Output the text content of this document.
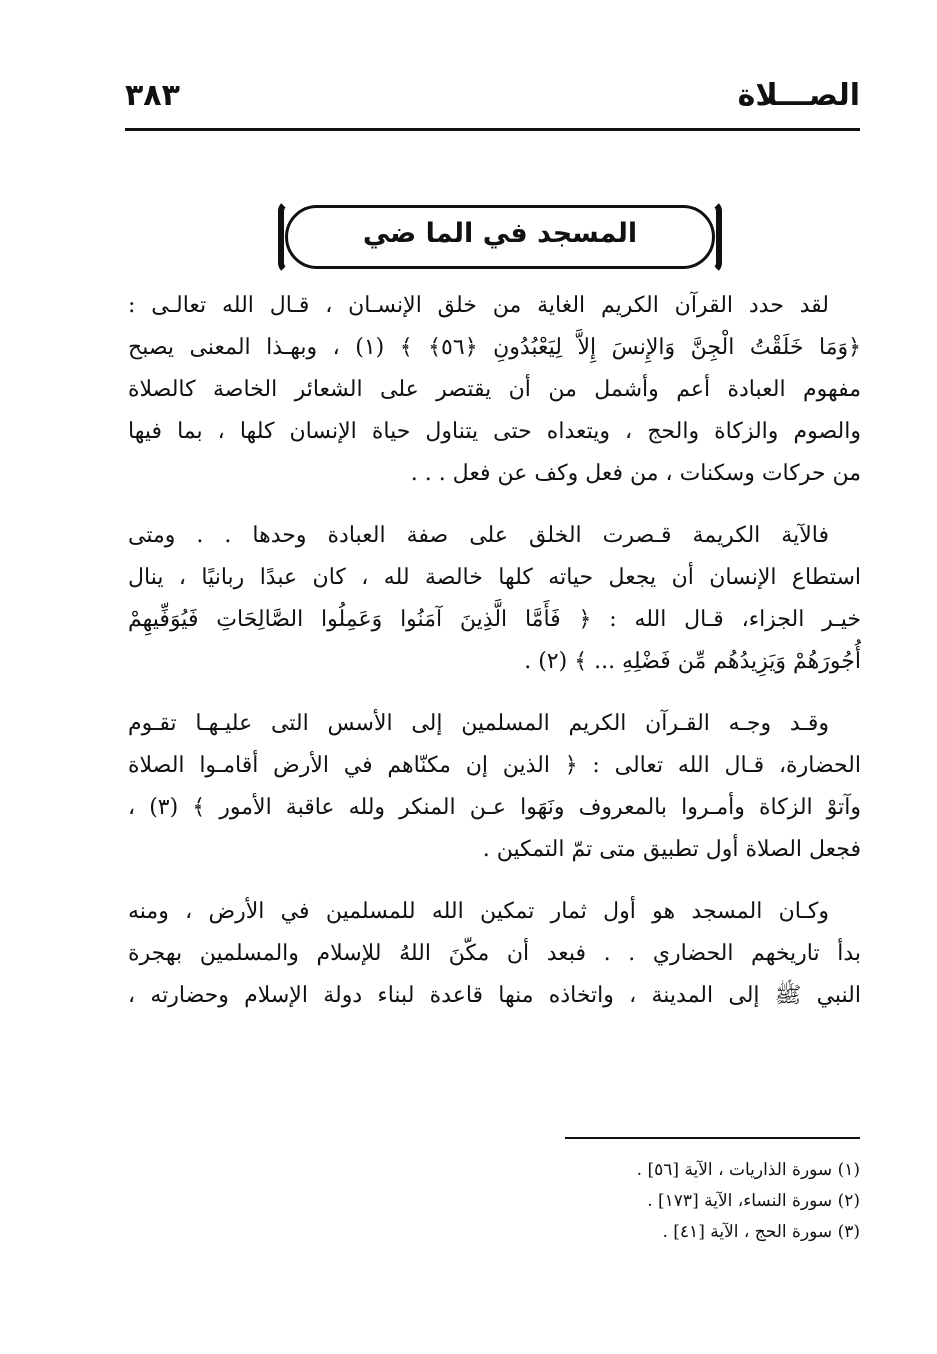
الصـــلاة
٣٨٣
المسجد في الما ضي

لقد حدد القرآن الكريم الغاية من خلق الإنسـان ، قـال الله تعالـى :
﴿وَمَا خَلَقْتُ الْجِنَّ وَالإِنسَ إِلاَّ لِيَعْبُدُونِ ﴿٥٦﴾ ﴾ (١) ، وبهـذا المعنى يصبح
مفهوم العبادة أعم وأشمل من أن يقتصر على الشعائر الخاصة كالصلاة
والصوم والزكاة والحج ، ويتعداه حتى يتناول حياة الإنسان كلها ، بما فيها
من حركات وسكنات ، من فعل وكف عن فعل . . .

فالآية الكريمة قـصرت الخلق على صفة العبادة وحدها . . ومتى
استطاع الإنسان أن يجعل حياته كلها خالصة لله ، كان عبدًا ربانيًا ، ينال
خيـر الجزاء، قـال الله : ﴿ فَأَمَّا الَّذِينَ آمَنُوا وَعَمِلُوا الصَّالِحَاتِ فَيُوَفِّيهِمْ
أُجُورَهُمْ وَيَزِيدُهُم مِّن فَضْلِهِ ... ﴾ (٢) .

وقـد وجـه القـرآن الكريم المسلمين إلى الأسس التى عليـهـا تقـوم
الحضارة، قـال الله تعالى : ﴿ الذين إن مكنّاهم في الأرض أقامـوا الصلاة
وآتوْ الزكاة وأمـروا بالمعروف ونَهَوا عـن المنكر ولله عاقبة الأمور ﴾ (٣) ،
فجعل الصلاة أول تطبيق متى تمّ التمكين .

وكـان المسجد هو أول ثمار تمكين الله للمسلمين في الأرض ، ومنه
بدأ تاريخهم الحضاري . . فبعد أن مكّنَ اللهُ للإسلام والمسلمين بهجرة
النبي ﷺ إلى المدينة ، واتخاذه منها قاعدة لبناء دولة الإسلام وحضارته ،

(١) سورة الذاريات ، الآية [٥٦] .

(٢) سورة النساء، الآية [١٧٣] .

(٣) سورة الحج ، الآية [٤١] .
